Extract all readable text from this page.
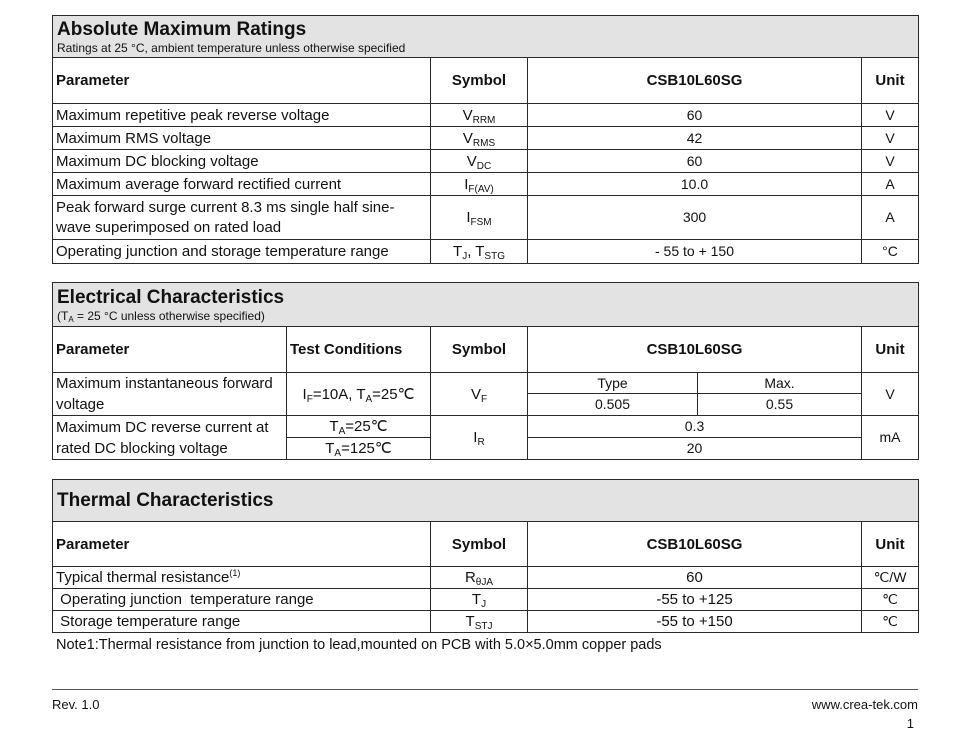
Absolute Maximum Ratings
Ratings at 25 °C, ambient temperature unless otherwise specified			

Parameter	Symbol	CSB10L60SG	Unit
Maximum repetitive peak reverse voltage	$V_{RRM}$	60	V
Maximum RMS voltage	$V_{RMS}$	42	V
Maximum DC blocking voltage	$V_{DC}$	60	V
Maximum average forward rectified current	$I_{F(AV)}$	10.0	A
Peak forward surge current 8.3 ms single half sine-wave superimposed on rated load	$I_{FSM}$	300	A
Operating junction and storage temperature range	$T_J$, $T_{STG}$	- 55 to + 150	°C
Electrical Characteristics
($T_A = 25$ °C unless otherwise specified)					

Parameter	Test Conditions	Symbol	CSB10L60SG		Unit
Maximum instantaneous forward voltage	$I_F=10A$, $T_A=25℃$	$V_F$	Type	Max.	V
			0.505	0.55	
Maximum DC reverse current at rated DC blocking voltage	$T_A=25℃$	$I_R$	0.3		mA
	$T_A=125℃$		20		
Thermal Characteristics			

Parameter	Symbol	CSB10L60SG	Unit
Typical thermal resistance$^{(1)}$	$R_{\theta JA}$	60	℃/W
Operating junction  temperature range	$T_J$	-55 to +125	℃
Storage temperature range	$T_{STJ}$	-55 to +150	℃
Note1:Thermal resistance from junction to lead,mounted on PCB with 5.0×5.0mm copper pads
Rev. 1.0	www.crea-tek.com
1
